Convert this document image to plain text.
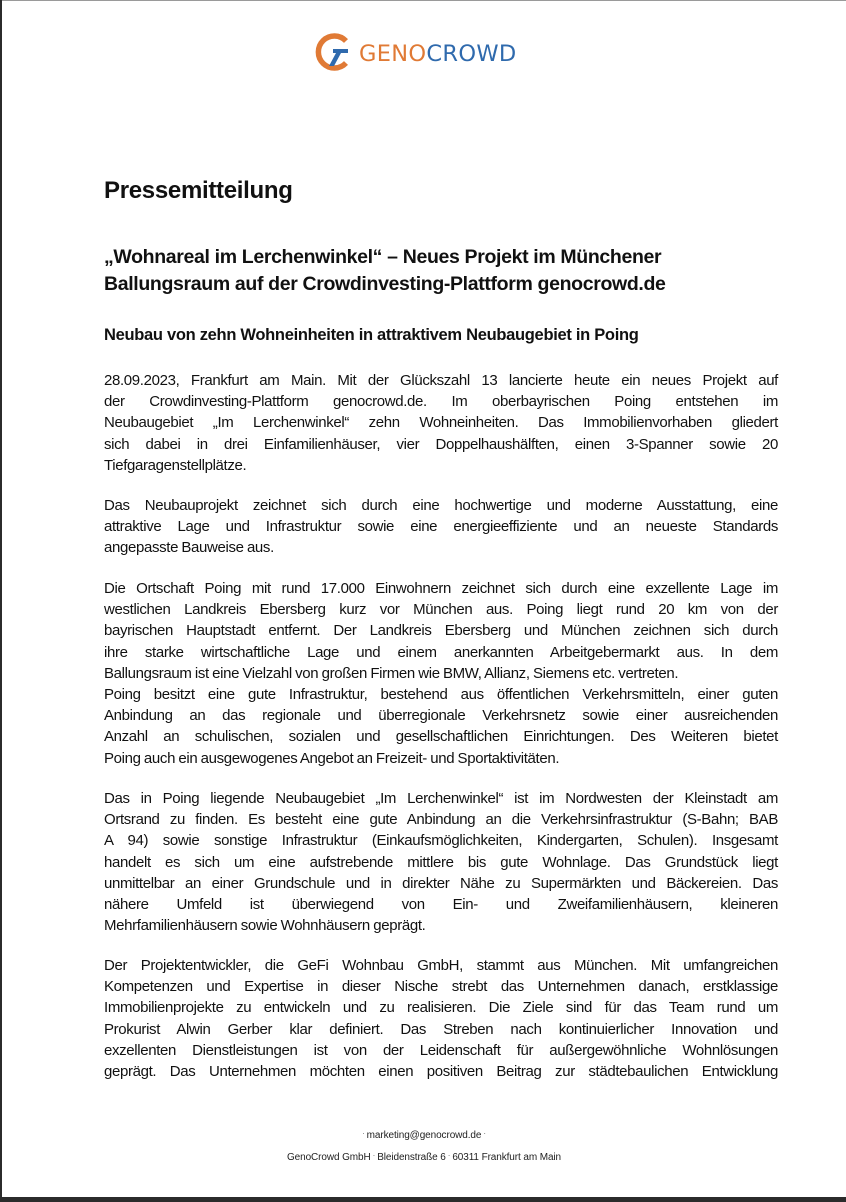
GENOCROWD
Pressemitteilung
„Wohnareal im Lerchenwinkel“ – Neues Projekt im Münchener Ballungsraum auf der Crowdinvesting-Plattform genocrowd.de
Neubau von zehn Wohneinheiten in attraktivem Neubaugebiet in Poing

28.09.2023, Frankfurt am Main. Mit der Glückszahl 13 lancierte heute ein neues Projekt auf
der Crowdinvesting-Plattform genocrowd.de. Im oberbayrischen Poing entstehen im
Neubaugebiet „Im Lerchenwinkel“ zehn Wohneinheiten. Das Immobilienvorhaben gliedert
sich dabei in drei Einfamilienhäuser, vier Doppelhaushälften, einen 3-Spanner sowie 20
Tiefgaragenstellplätze.

Das Neubauprojekt zeichnet sich durch eine hochwertige und moderne Ausstattung, eine
attraktive Lage und Infrastruktur sowie eine energieeffiziente und an neueste Standards
angepasste Bauweise aus.

Die Ortschaft Poing mit rund 17.000 Einwohnern zeichnet sich durch eine exzellente Lage im
westlichen Landkreis Ebersberg kurz vor München aus. Poing liegt rund 20 km von der
bayrischen Hauptstadt entfernt. Der Landkreis Ebersberg und München zeichnen sich durch
ihre starke wirtschaftliche Lage und einem anerkannten Arbeitgebermarkt aus. In dem
Ballungsraum ist eine Vielzahl von großen Firmen wie BMW, Allianz, Siemens etc. vertreten.
Poing besitzt eine gute Infrastruktur, bestehend aus öffentlichen Verkehrsmitteln, einer guten
Anbindung an das regionale und überregionale Verkehrsnetz sowie einer ausreichenden
Anzahl an schulischen, sozialen und gesellschaftlichen Einrichtungen. Des Weiteren bietet
Poing auch ein ausgewogenes Angebot an Freizeit- und Sportaktivitäten.

Das in Poing liegende Neubaugebiet „Im Lerchenwinkel“ ist im Nordwesten der Kleinstadt am
Ortsrand zu finden. Es besteht eine gute Anbindung an die Verkehrsinfrastruktur (S-Bahn; BAB
A 94) sowie sonstige Infrastruktur (Einkaufsmöglichkeiten, Kindergarten, Schulen). Insgesamt
handelt es sich um eine aufstrebende mittlere bis gute Wohnlage. Das Grundstück liegt
unmittelbar an einer Grundschule und in direkter Nähe zu Supermärkten und Bäckereien. Das
nähere Umfeld ist überwiegend von Ein- und Zweifamilienhäusern, kleineren
Mehrfamilienhäusern sowie Wohnhäusern geprägt.

Der Projektentwickler, die GeFi Wohnbau GmbH, stammt aus München. Mit umfangreichen
Kompetenzen und Expertise in dieser Nische strebt das Unternehmen danach, erstklassige
Immobilienprojekte zu entwickeln und zu realisieren. Die Ziele sind für das Team rund um
Prokurist Alwin Gerber klar definiert. Das Streben nach kontinuierlicher Innovation und
exzellenten Dienstleistungen ist von der Leidenschaft für außergewöhnliche Wohnlösungen
geprägt. Das Unternehmen möchten einen positiven Beitrag zur städtebaulichen Entwicklung

· marketing@genocrowd.de ·
GenoCrowd GmbH · Bleidenstraße 6 · 60311 Frankfurt am Main
